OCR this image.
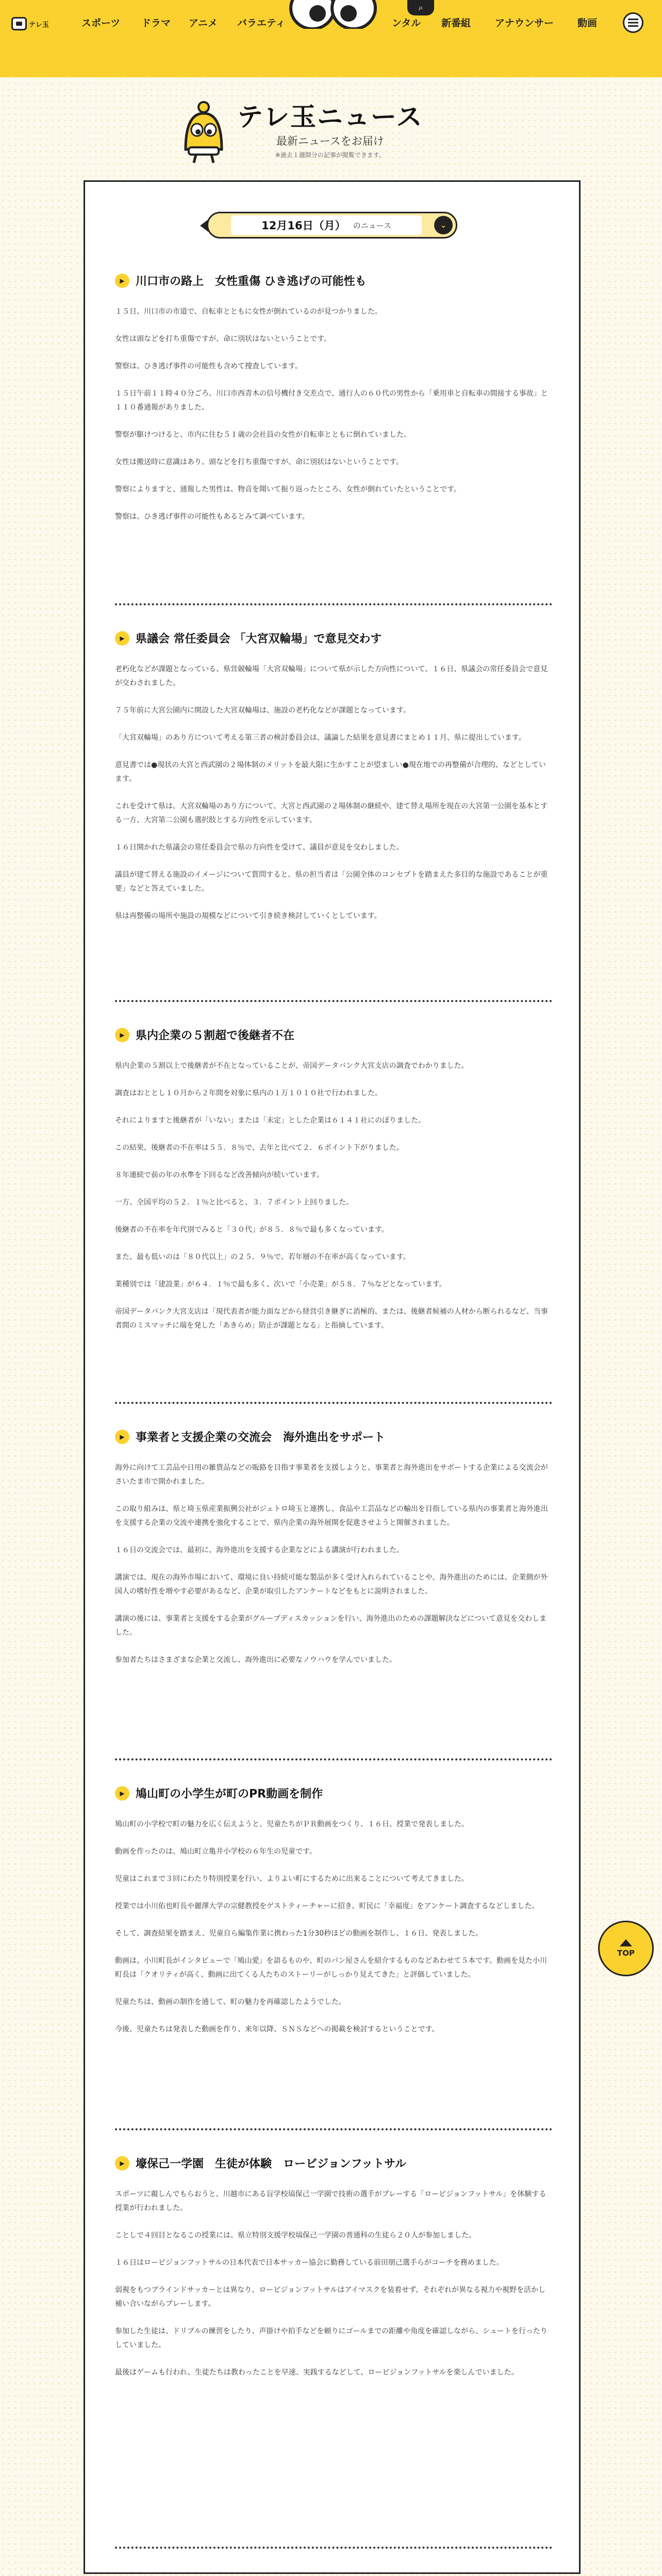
テレ玉	スポーツ ドラマ アニメ バラエティ
⌕
ンタル 新番組 アナウンサー 動画
テレ玉ニュース
最新ニュースをお届け
※過去１週間分の記事が閲覧できます。
12月16日（月） のニュース	⌄
▶ 川口市の路上　女性重傷 ひき逃げの可能性も

１５日、川口市の市道で、自転車とともに女性が倒れているのが見つかりました。

女性は頭などを打ち重傷ですが、命に別状はないということです。

警察は、ひき逃げ事件の可能性も含めて捜査しています。

１５日午前１１時４０分ごろ、川口市西青木の信号機付き交差点で、通行人の６０代の男性から「乗用車と自転車の間接する事故」と１１０番通報がありました。

警察が駆けつけると、市内に住む５１歳の会社員の女性が自転車とともに倒れていました。

女性は搬送時に意識はあり、頭などを打ち重傷ですが、命に別状はないということです。

警察によりますと、通報した男性は、物音を聞いて振り返ったところ、女性が倒れていたということです。

警察は、ひき逃げ事件の可能性もあるとみて調べています。

▶ 県議会 常任委員会 「大宮双輪場」で意見交わす

老朽化などが課題となっている、県営競輪場「大宮双輪場」について県が示した方向性について、１６日、県議会の常任委員会で意見が交わされました。

７５年前に大宮公園内に開設した大宮双輪場は、施設の老朽化などが課題となっています。

「大宮双輪場」のあり方について考える第三者の検討委員会は、議論した結果を意見書にまとめ１１月、県に提出しています。

意見書では●現状の大宮と西武園の２場体制のメリットを最大限に生かすことが望ましい●現在地での再整備が合理的、などとしています。

これを受けて県は、大宮双輪場のあり方について、大宮と西武園の２場体制の継続や、建て替え場所を現在の大宮第一公園を基本とする一方、大宮第二公園も選択肢とする方向性を示しています。

１６日開かれた県議会の常任委員会で県の方向性を受けて、議員が意見を交わしました。

議員が建て替える施設のイメージについて質問すると、県の担当者は「公園全体のコンセプトを踏まえた多目的な施設であることが重要」などと答えていました。

県は再整備の場所や施設の規模などについて引き続き検討していくとしています。

▶ 県内企業の５割超で後継者不在

県内企業の５割以上で後継者が不在となっていることが、帝国データバンク大宮支店の調査でわかりました。

調査はおととし１０月から２年間を対象に県内の１万１０１０社で行われました。

それによりますと後継者が「いない」または「未定」とした企業は６１４１社にのぼりました。

この結果、後継者の不在率は５５．８％で、去年と比べて２．６ポイント下がりました。

８年連続で前の年の水準を下回るなど改善傾向が続いています。

一方、全国平均の５２．１％と比べると、３．７ポイント上回りました。

後継者の不在率を年代別でみると「３０代」が８５．８％で最も多くなっています。

また、最も低いのは「８０代以上」の２５．９％で、若年層の不在率が高くなっています。

業種別では「建設業」が６４．１％で最も多く、次いで「小売業」が５８．７％などとなっています。

帝国データバンク大宮支店は「現代表者が能力面などから経営引き継ぎに消極的、または、後継者候補の人材から断られるなど、当事者間のミスマッチに端を発した「あきらめ」防止が課題となる」と指摘しています。

▶ 事業者と支援企業の交流会　海外進出をサポート

海外に向けて工芸品や日用の雑貨品などの販路を目指す事業者を支援しようと、事業者と海外進出をサポートする企業による交流会がさいたま市で開かれました。

この取り組みは、県と埼玉県産業振興公社がジェトロ埼玉と連携し、食品や工芸品などの輸出を目指している県内の事業者と海外進出を支援する企業の交流や連携を強化することで、県内企業の海外展開を促進させようと開催されました。

１６日の交流会では、最初に、海外進出を支援する企業などによる講演が行われました。

講演では、現在の海外市場において、環境に良い持続可能な製品が多く受け入れられていることや、海外進出のためには、企業側が外国人の嗜好性を増やす必要があるなど、企業が取引したアンケートなどをもとに説明されました。

講演の後には、事業者と支援をする企業がグループディスカッションを行い、海外進出のための課題解決などについて意見を交わしました。

参加者たちはさまざまな企業と交流し、海外進出に必要なノウハウを学んでいました。

▶ 鳩山町の小学生が町のPR動画を制作

鳩山町の小学校で町の魅力を広く伝えようと、児童たちがＰＲ動画をつくり、１６日、授業で発表しました。

動画を作ったのは、鳩山町立亀井小学校の６年生の児童です。

児童はこれまで３回にわたり特別授業を行い、よりよい町にするために出来ることについて考えてきました。

授業では小川佑也町長や麗澤大学の宗健教授をゲストティーチャーに招き、町民に「幸福度」をアンケート調査するなどしました。

そして、調査結果を踏まえ、児童自ら編集作業に携わった1分30秒ほどの動画を制作し、１６日、発表しました。

動画は、小川町長がインタビューで「鳩山愛」を語るものや、町のパン屋さんを紹介するものなどあわせて５本です。動画を見た小川町長は「クオリティが高く、動画に出てくる人たちのストーリーがしっかり見えてきた」と評価していました。

児童たちは、動画の制作を通して、町の魅力を再確認したようでした。

今後、児童たちは発表した動画を作り、来年以降、ＳＮＳなどへの掲載を検討するということです。

▶ 壕保己一学園　生徒が体験　ロービジョンフットサル

スポーツに親しんでもらおうと、川越市にある盲学校塙保己一学園で技術の選手がプレーする「ロービジョンフットサル」を体験する授業が行われました。

ことしで４回目となるこの授業には、県立特別支援学校塙保己一学園の普通科の生徒ら２０人が参加しました。

１６日はロービジョンフットサルの日本代表で日本サッカー協会に勤務している前田朋己選手らがコーチを務めました。

弱視をもつブラインドサッカーとは異なり、ロービジョンフットサルはアイマスクを装着せず、それぞれが異なる視力や視野を活かし補い合いながらプレーします。

参加した生徒は、ドリブルの練習をしたり、声掛けや拍手などを頼りにゴールまでの距離や角度を確認しながら、シュートを行ったりしていました。

最後はゲームも行われ、生徒たちは教わったことを早速、実践するなどして、ロービジョンフットサルを楽しんでいました。

TOP
